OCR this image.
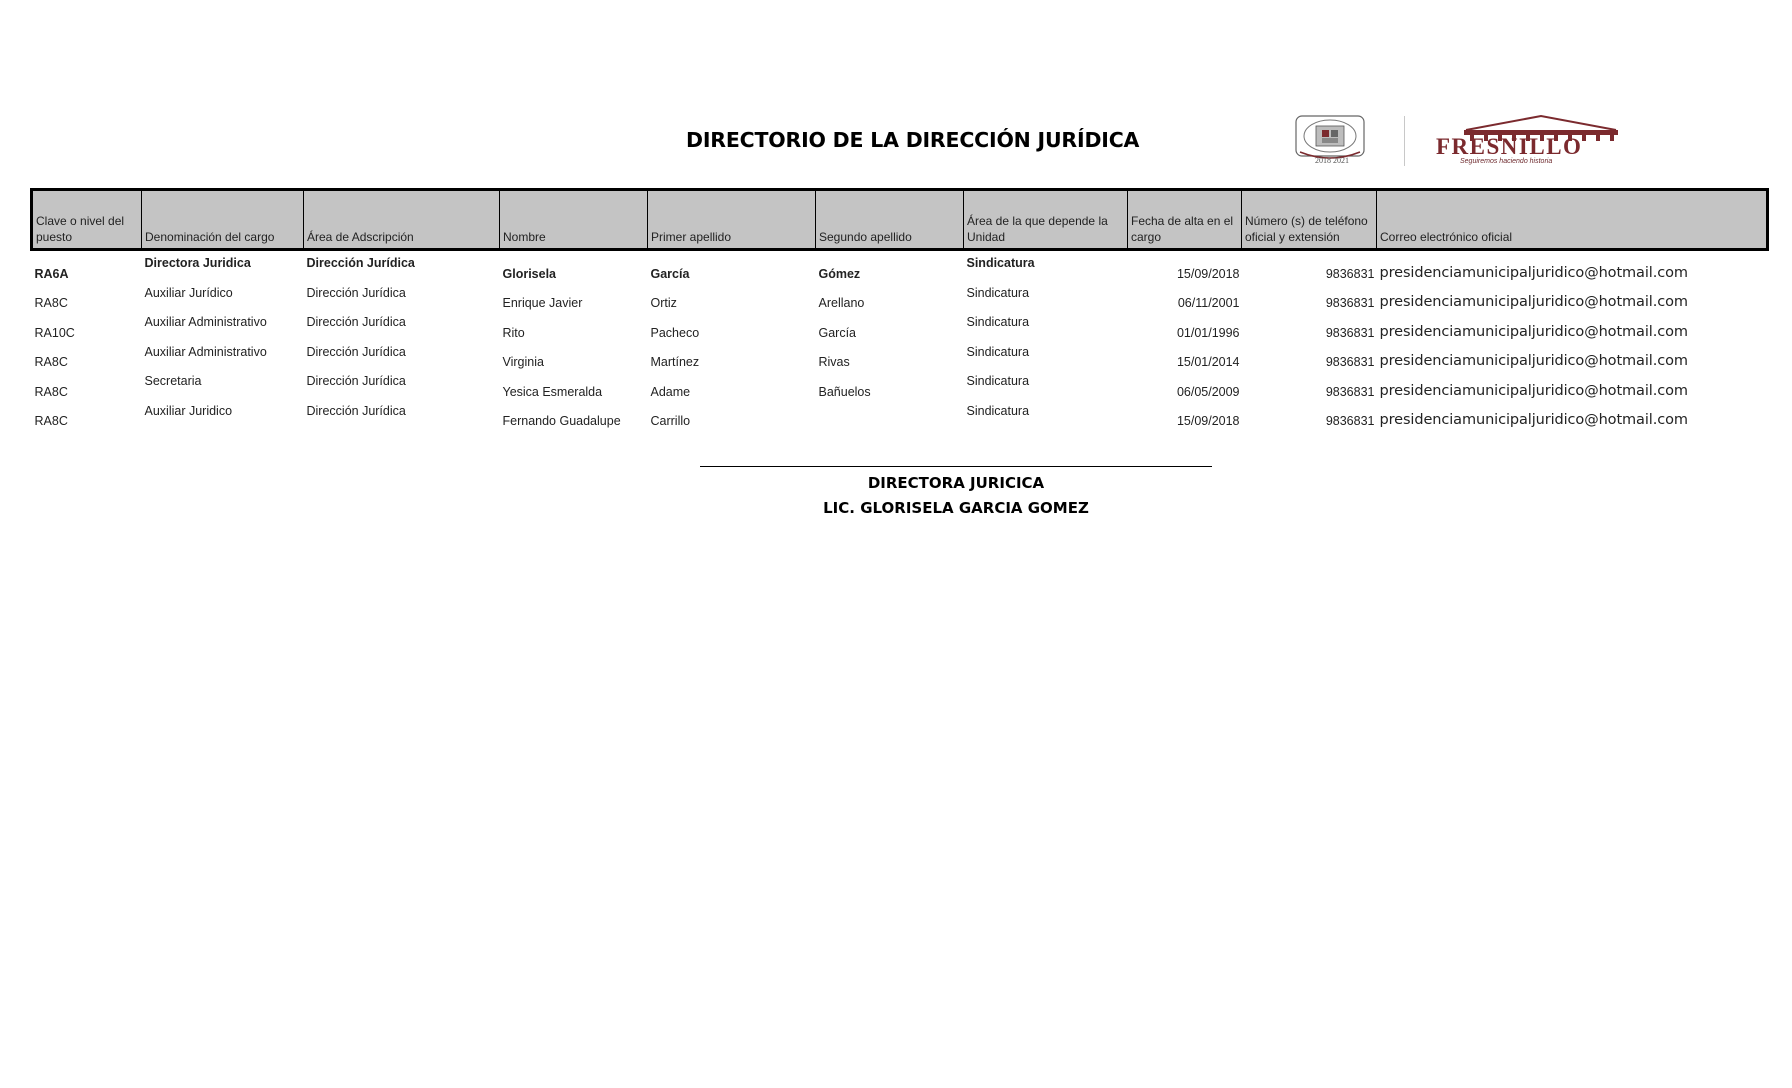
DIRECTORIO DE LA DIRECCIÓN JURÍDICA
2018 2021
FRESNILLO
Seguiremos haciendo historia
Clave o nivel del puesto	Denominación del cargo	Área de Adscripción	Nombre	Primer apellido	Segundo apellido	Área de la que depende la Unidad	Fecha de alta en el cargo	Número (s) de teléfono oficial y extensión	Correo electrónico oficial
RA6A	Directora Juridica	Dirección Jurídica	Glorisela	García	Gómez	Sindicatura	15/09/2018	9836831	presidenciamunicipaljuridico@hotmail.com
RA8C	Auxiliar Jurídico	Dirección Jurídica	Enrique Javier	Ortiz	Arellano	Sindicatura	06/11/2001	9836831	presidenciamunicipaljuridico@hotmail.com
RA10C	Auxiliar Administrativo	Dirección Jurídica	Rito	Pacheco	García	Sindicatura	01/01/1996	9836831	presidenciamunicipaljuridico@hotmail.com
RA8C	Auxiliar Administrativo	Dirección Jurídica	Virginia	Martínez	Rivas	Sindicatura	15/01/2014	9836831	presidenciamunicipaljuridico@hotmail.com
RA8C	Secretaria	Dirección Jurídica	Yesica Esmeralda	Adame	Bañuelos	Sindicatura	06/05/2009	9836831	presidenciamunicipaljuridico@hotmail.com
RA8C	Auxiliar Juridico	Dirección Jurídica	Fernando Guadalupe	Carrillo		Sindicatura	15/09/2018	9836831	presidenciamunicipaljuridico@hotmail.com
DIRECTORA JURICICA
LIC. GLORISELA GARCIA GOMEZ
